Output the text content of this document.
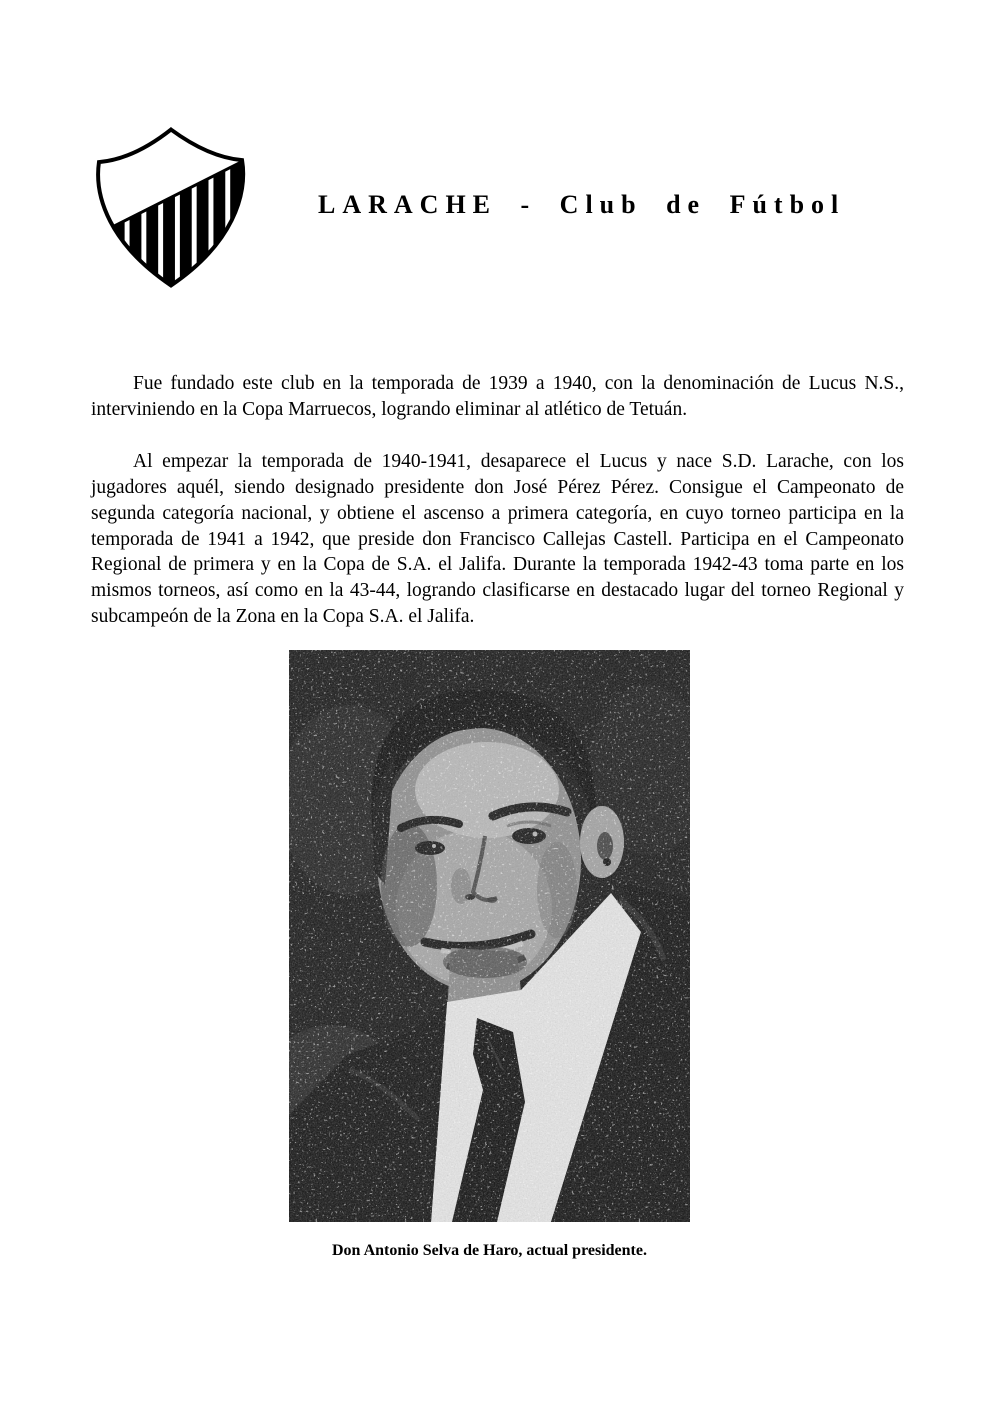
LARACHE - Club de Fútbol

Fue fundado este club en la temporada de 1939 a 1940, con la denominación de Lucus N.S., interviniendo en la Copa Marruecos, logrando eliminar al atlético de Tetuán.

Al empezar la temporada de 1940-1941, desaparece el Lucus y nace S.D. Larache, con los jugadores aquél, siendo designado presidente don José Pérez Pérez. Consigue el Campeonato de segunda categoría nacional, y obtiene el ascenso a primera categoría, en cuyo torneo participa en la temporada de 1941 a 1942, que preside don Francisco Callejas Castell. Participa en el Campeonato Regional de primera y en la Copa de S.A. el Jalifa. Durante la temporada 1942-43 toma parte en los mismos torneos, así como en la 43-44, logrando clasificarse en destacado lugar del torneo Regional y subcampeón de la Zona en la Copa S.A. el Jalifa.

Don Antonio Selva de Haro, actual presidente.
